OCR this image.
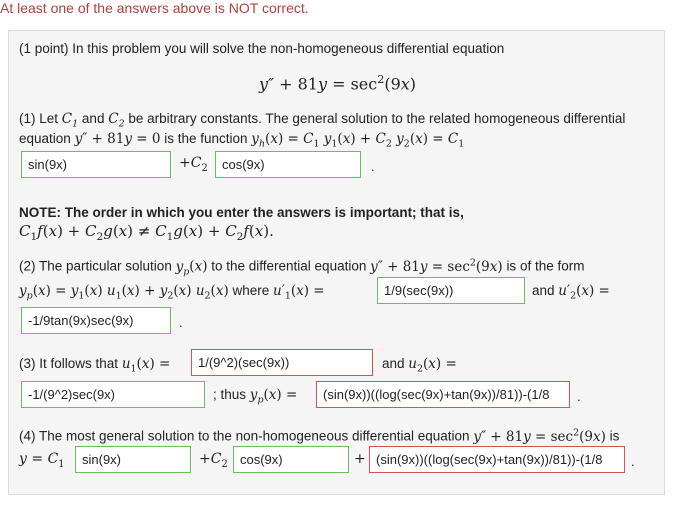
At least one of the answers above is NOT correct.
(1 point) In this problem you will solve the non-homogeneous differential equation
$y'' + 81y = \sec^2(9x)$
(1) Let $C_1$ and $C_2$ be arbitrary constants. The general solution to the related homogeneous differential
equation y″ + 81y = 0 is the function $y_h(x) = C_1$ $y_1(x) + C_2$ $y_2(x) = C_1$
sin(9x)	$+C_2$	cos(9x)	.
NOTE: The order in which you enter the answers is important; that is,
$C_1f(x) + C_2g(x) \ne C_1g(x) + C_2f(x)$.
(2) The particular solution $y_p(x)$ to the differential equation $y'' + 81y = \sec^2(9x)$ is of the form
$y_p(x) = y_1(x) u_1(x) + y_2(x)$ $u_2(x)$ where $u'_1(x)$ =	1/9(sec(9x))	and $u'_2(x)$ =
-1/9tan(9x)sec(9x)	.
(3) It follows that $u_1(x)$ =	1/(9^2)(sec(9x))	and $u_2(x)$ =
-1/(9^2)sec(9x)	; thus $y_p(x)$ =	(sin(9x))((log(sec(9x)+tan(9x))/81))-(1/8	.
(4) The most general solution to the non-homogeneous differential equation $y'' + 81y = \sec^2(9x)$ is
$y = C_1$	sin(9x)	$+C_2$ cos(9x)	+ (sin(9x))((log(sec(9x)+tan(9x))/81))-(1/8	.
